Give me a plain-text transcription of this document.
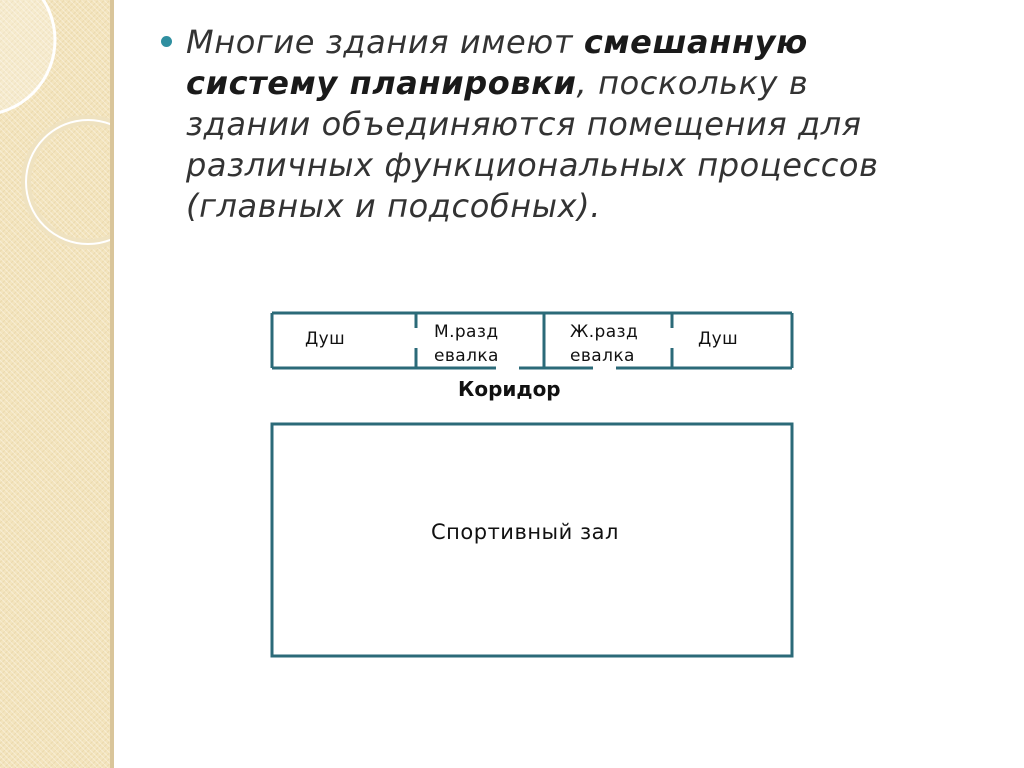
Многие здания имеют смешанную
систему планировки, поскольку в
здании объединяются помещения для
различных функциональных процессов
(главных и подсобных).

Душ	М.разд
евалка

Ж.разд
евалка

Душ

Коридор

Спортивный зал
